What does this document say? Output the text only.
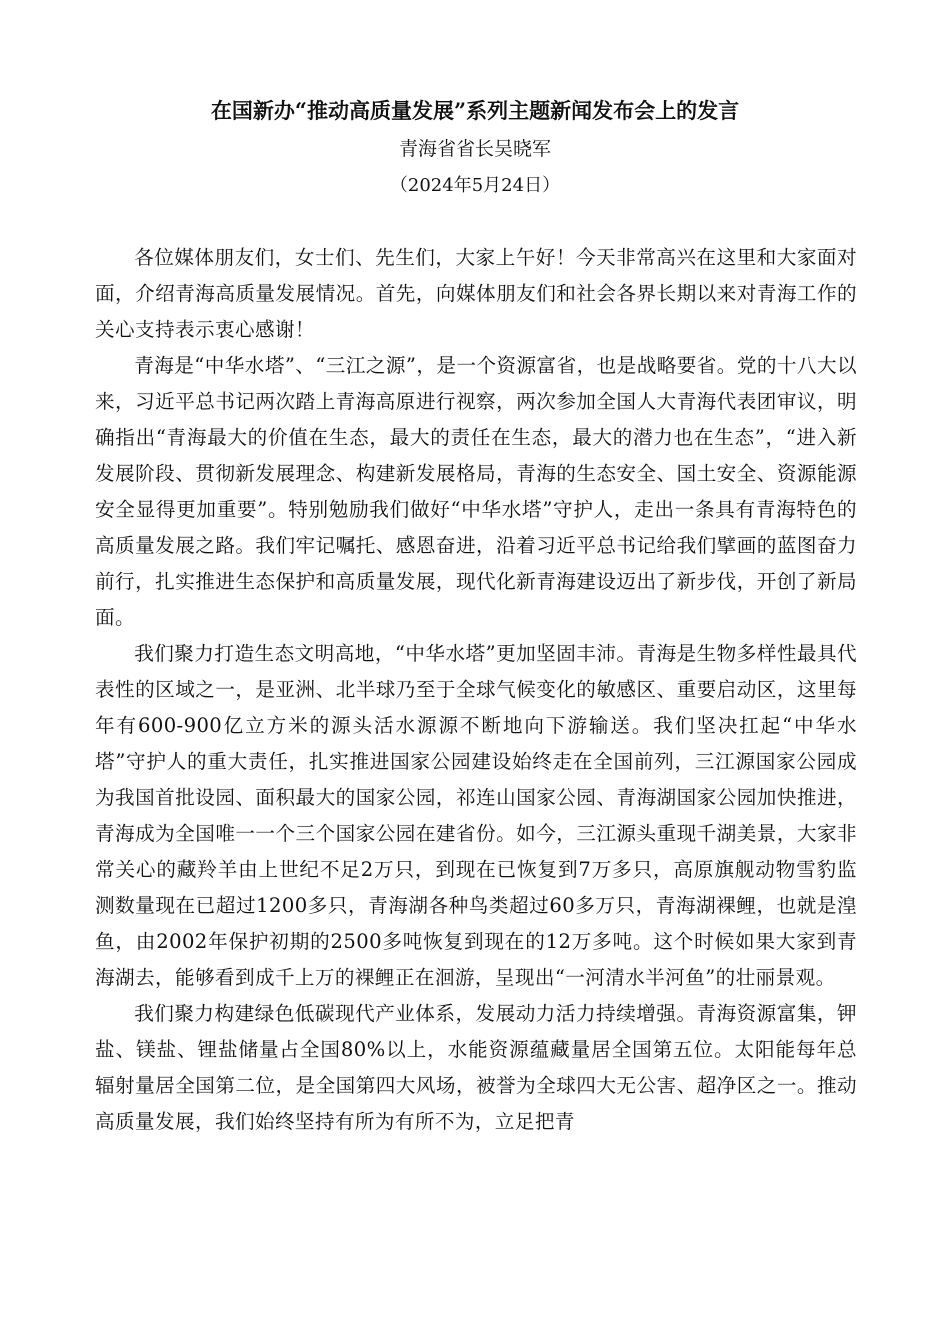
在国新办“推动高质量发展”系列主题新闻发布会上的发言
青海省省长吴晓军
（2024年5月24日）

各位媒体朋友们，女士们、先生们，大家上午好！今天非常高兴在这里和大家面对面，介绍青海高质量发展情况。首先，向媒体朋友们和社会各界长期以来对青海工作的关心支持表示衷心感谢！

青海是“中华水塔”、“三江之源”，是一个资源富省，也是战略要省。党的十八大以来，习近平总书记两次踏上青海高原进行视察，两次参加全国人大青海代表团审议，明确指出“青海最大的价值在生态，最大的责任在生态，最大的潜力也在生态”，“进入新发展阶段、贯彻新发展理念、构建新发展格局，青海的生态安全、国土安全、资源能源安全显得更加重要”。特别勉励我们做好“中华水塔”守护人，走出一条具有青海特色的高质量发展之路。我们牢记嘱托、感恩奋进，沿着习近平总书记给我们擘画的蓝图奋力前行，扎实推进生态保护和高质量发展，现代化新青海建设迈出了新步伐，开创了新局面。

我们聚力打造生态文明高地，“中华水塔”更加坚固丰沛。青海是生物多样性最具代表性的区域之一，是亚洲、北半球乃至于全球气候变化的敏感区、重要启动区，这里每年有600-900亿立方米的源头活水源源不断地向下游输送。我们坚决扛起“中华水塔”守护人的重大责任，扎实推进国家公园建设始终走在全国前列，三江源国家公园成为我国首批设园、面积最大的国家公园，祁连山国家公园、青海湖国家公园加快推进，青海成为全国唯一一个三个国家公园在建省份。如今，三江源头重现千湖美景，大家非常关心的藏羚羊由上世纪不足2万只，到现在已恢复到7万多只，高原旗舰动物雪豹监测数量现在已超过1200多只，青海湖各种鸟类超过60多万只，青海湖裸鲤，也就是湟鱼，由2002年保护初期的2500多吨恢复到现在的12万多吨。这个时候如果大家到青海湖去，能够看到成千上万的裸鲤正在洄游，呈现出“一河清水半河鱼”的壮丽景观。

我们聚力构建绿色低碳现代产业体系，发展动力活力持续增强。青海资源富集，钾盐、镁盐、锂盐储量占全国80%以上，水能资源蕴藏量居全国第五位。太阳能每年总辐射量居全国第二位，是全国第四大风场，被誉为全球四大无公害、超净区之一。推动高质量发展，我们始终坚持有所为有所不为，立足把青
